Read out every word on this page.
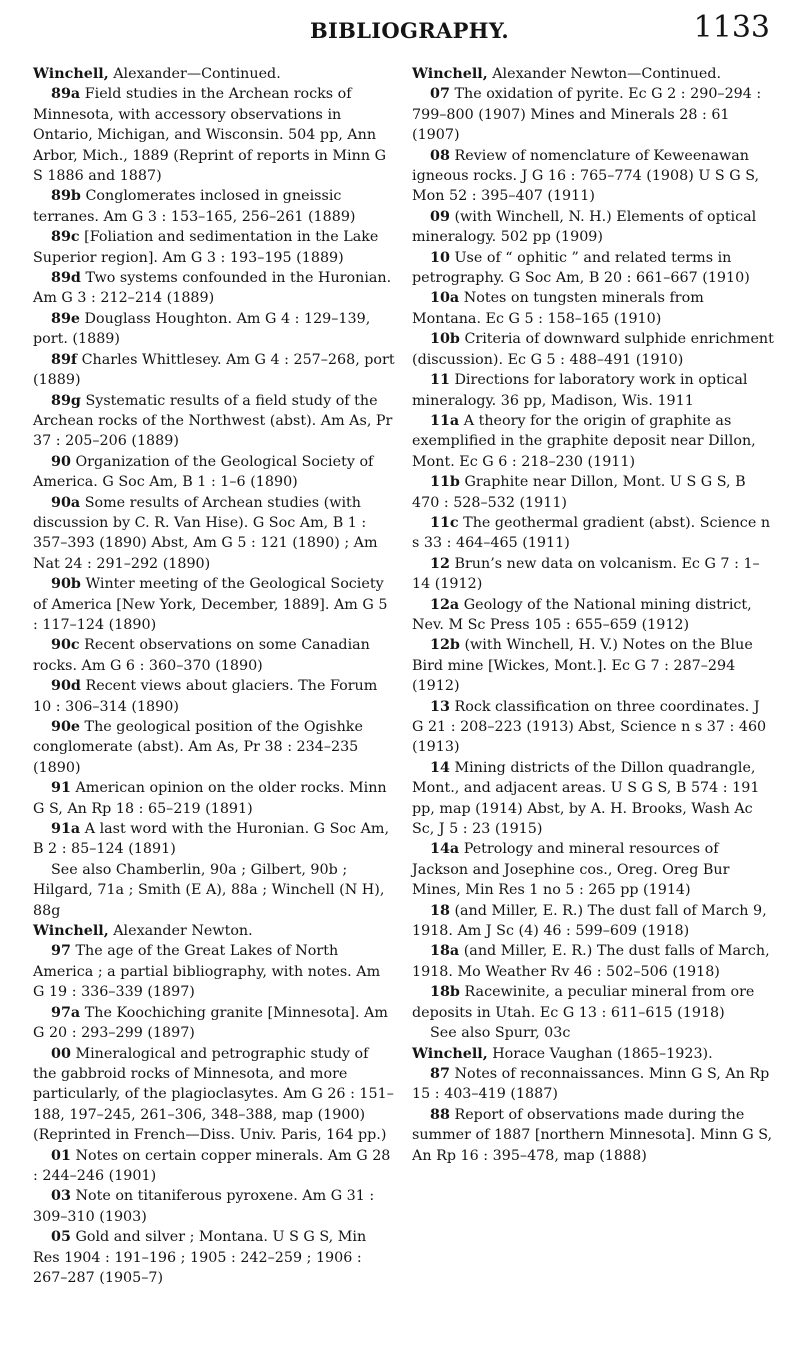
BIBLIOGRAPHY.	1133
Winchell, Alexander—Continued.
89a Field studies in the Archean rocks of Minnesota, with accessory observations in Ontario, Michigan, and Wisconsin. 504 pp, Ann Arbor, Mich., 1889 (Reprint of reports in Minn G S 1886 and 1887)
89b Conglomerates inclosed in gneissic terranes. Am G 3 : 153–165, 256–261 (1889)
89c [Foliation and sedimentation in the Lake Superior region]. Am G 3 : 193–195 (1889)
89d Two systems confounded in the Huronian. Am G 3 : 212–214 (1889)
89e Douglass Houghton. Am G 4 : 129–139, port. (1889)
89f Charles Whittlesey. Am G 4 : 257–268, port (1889)
89g Systematic results of a field study of the Archean rocks of the Northwest (abst). Am As, Pr 37 : 205–206 (1889)
90 Organization of the Geological Society of America. G Soc Am, B 1 : 1–6 (1890)
90a Some results of Archean studies (with discussion by C. R. Van Hise). G Soc Am, B 1 : 357–393 (1890) Abst, Am G 5 : 121 (1890) ; Am Nat 24 : 291–292 (1890)
90b Winter meeting of the Geological Society of America [New York, December, 1889]. Am G 5 : 117–124 (1890)
90c Recent observations on some Canadian rocks. Am G 6 : 360–370 (1890)
90d Recent views about glaciers. The Forum 10 : 306–314 (1890)
90e The geological position of the Ogishke conglomerate (abst). Am As, Pr 38 : 234–235 (1890)
91 American opinion on the older rocks. Minn G S, An Rp 18 : 65–219 (1891)
91a A last word with the Huronian. G Soc Am, B 2 : 85–124 (1891)
See also Chamberlin, 90a ; Gilbert, 90b ; Hilgard, 71a ; Smith (E A), 88a ; Winchell (N H), 88g
Winchell, Alexander Newton.
97 The age of the Great Lakes of North America ; a partial bibliography, with notes. Am G 19 : 336–339 (1897)
97a The Koochiching granite [Minnesota]. Am G 20 : 293–299 (1897)
00 Mineralogical and petrographic study of the gabbroid rocks of Minnesota, and more particularly, of the plagioclasytes. Am G 26 : 151–188, 197–245, 261–306, 348–388, map (1900) (Reprinted in French—Diss. Univ. Paris, 164 pp.)
01 Notes on certain copper minerals. Am G 28 : 244–246 (1901)
03 Note on titaniferous pyroxene. Am G 31 : 309–310 (1903)
05 Gold and silver ; Montana. U S G S, Min Res 1904 : 191–196 ; 1905 : 242–259 ; 1906 : 267–287 (1905–7)
Winchell, Alexander Newton—Continued.
07 The oxidation of pyrite. Ec G 2 : 290–294 : 799–800 (1907) Mines and Minerals 28 : 61 (1907)
08 Review of nomenclature of Keweenawan igneous rocks. J G 16 : 765–774 (1908) U S G S, Mon 52 : 395–407 (1911)
09 (with Winchell, N. H.) Elements of optical mineralogy. 502 pp (1909)
10 Use of “ ophitic ” and related terms in petrography. G Soc Am, B 20 : 661–667 (1910)
10a Notes on tungsten minerals from Montana. Ec G 5 : 158–165 (1910)
10b Criteria of downward sulphide enrichment (discussion). Ec G 5 : 488–491 (1910)
11 Directions for laboratory work in optical mineralogy. 36 pp, Madison, Wis. 1911
11a A theory for the origin of graphite as exemplified in the graphite deposit near Dillon, Mont. Ec G 6 : 218–230 (1911)
11b Graphite near Dillon, Mont. U S G S, B 470 : 528–532 (1911)
11c The geothermal gradient (abst). Science n s 33 : 464–465 (1911)
12 Brun’s new data on volcanism. Ec G 7 : 1–14 (1912)
12a Geology of the National mining district, Nev. M Sc Press 105 : 655–659 (1912)
12b (with Winchell, H. V.) Notes on the Blue Bird mine [Wickes, Mont.]. Ec G 7 : 287–294 (1912)
13 Rock classification on three coordinates. J G 21 : 208–223 (1913) Abst, Science n s 37 : 460 (1913)
14 Mining districts of the Dillon quadrangle, Mont., and adjacent areas. U S G S, B 574 : 191 pp, map (1914) Abst, by A. H. Brooks, Wash Ac Sc, J 5 : 23 (1915)
14a Petrology and mineral resources of Jackson and Josephine cos., Oreg. Oreg Bur Mines, Min Res 1 no 5 : 265 pp (1914)
18 (and Miller, E. R.) The dust fall of March 9, 1918. Am J Sc (4) 46 : 599–609 (1918)
18a (and Miller, E. R.) The dust falls of March, 1918. Mo Weather Rv 46 : 502–506 (1918)
18b Racewinite, a peculiar mineral from ore deposits in Utah. Ec G 13 : 611–615 (1918)
See also Spurr, 03c
Winchell, Horace Vaughan (1865–1923).
87 Notes of reconnaissances. Minn G S, An Rp 15 : 403–419 (1887)
88 Report of observations made during the summer of 1887 [northern Minnesota]. Minn G S, An Rp 16 : 395–478, map (1888)
